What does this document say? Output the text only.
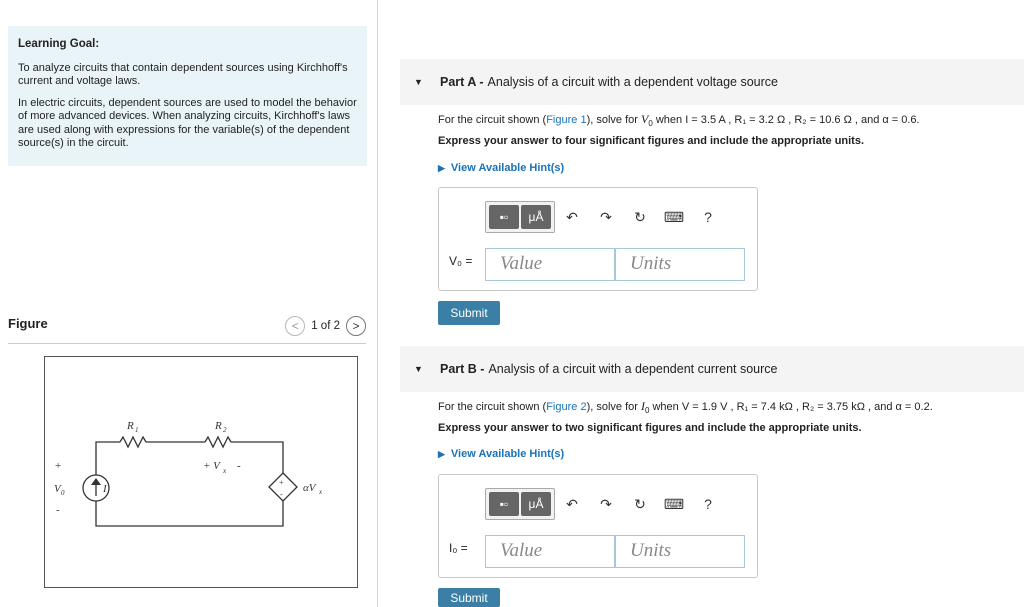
Learning Goal:

To analyze circuits that contain dependent sources using Kirchhoff's current and voltage laws.

In electric circuits, dependent sources are used to model the behavior of more advanced devices. When analyzing circuits, Kirchhoff's laws are used along with expressions for the variable(s) of the dependent source(s) in the circuit.

Figure	<	1 of 2	>
R 1	R 2
+ V x -
+
V 0
-
I	αV x
+
-
▼ Part A - Analysis of a circuit with a dependent voltage source
For the circuit shown (Figure 1), solve for $V_0$ when I = 3.5 A , R₁ = 3.2 Ω , R₂ = 10.6 Ω , and α = 0.6.
Express your answer to four significant figures and include the appropriate units.
▶ View Available Hint(s)
▪▫	μÅ	↶	↷	↻	⌨	?
V₀ =	Value	Units
Submit
▼ Part B - Analysis of a circuit with a dependent current source
For the circuit shown (Figure 2), solve for $I_0$ when V = 1.9 V , R₁ = 7.4 kΩ , R₂ = 3.75 kΩ , and α = 0.2.
Express your answer to two significant figures and include the appropriate units.
▶ View Available Hint(s)
▪▫	μÅ	↶	↷	↻	⌨	?
I₀ =	Value	Units
Submit
